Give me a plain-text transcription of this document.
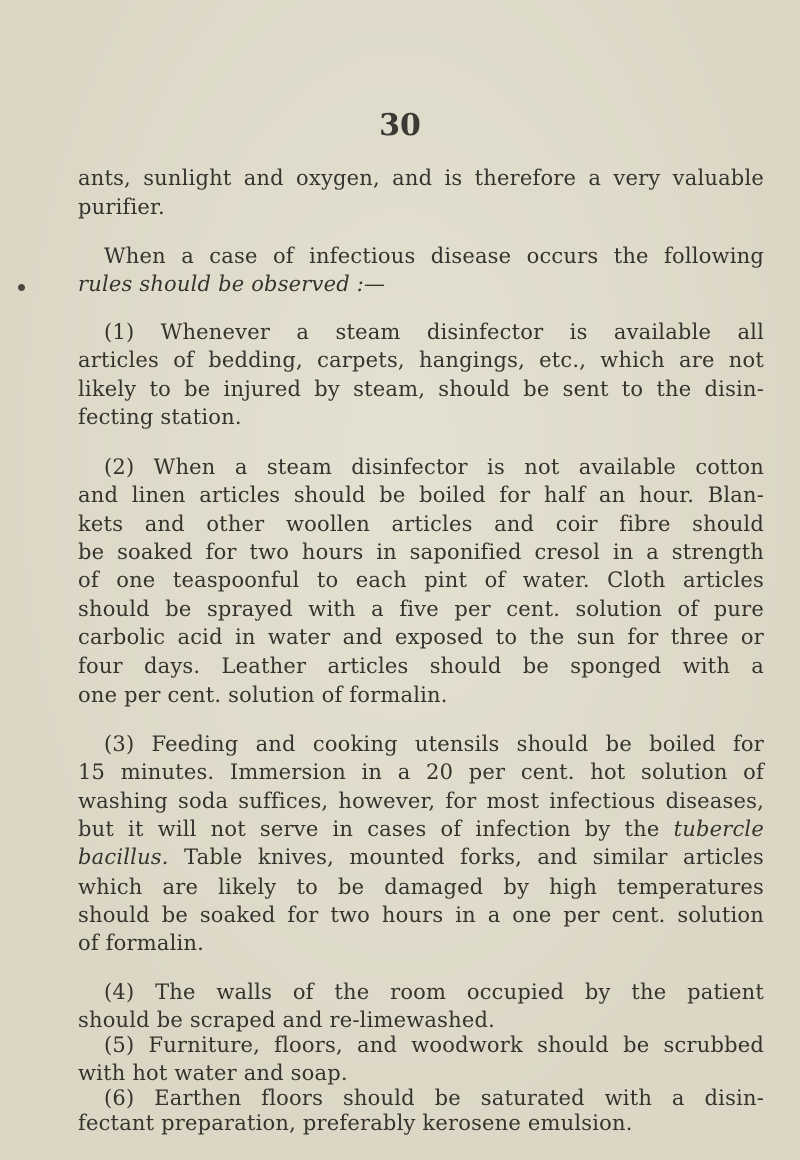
30
ants, sunlight and oxygen, and is therefore a very valuable
purifier.
When a case of infectious disease occurs the following
rules should be observed :—
(1) Whenever a steam disinfector is available all
articles of bedding, carpets, hangings, etc., which are not
likely to be injured by steam, should be sent to the disin-
fecting station.
(2) When a steam disinfector is not available cotton
and linen articles should be boiled for half an hour. Blan-
kets and other woollen articles and coir fibre should
be soaked for two hours in saponified cresol in a strength
of one teaspoonful to each pint of water. Cloth articles
should be sprayed with a five per cent. solution of pure
carbolic acid in water and exposed to the sun for three or
four days. Leather articles should be sponged with a
one per cent. solution of formalin.
(3) Feeding and cooking utensils should be boiled for
15 minutes. Immersion in a 20 per cent. hot solution of
washing soda suffices, however, for most infectious diseases,
but it will not serve in cases of infection by the tubercle
bacillus. Table knives, mounted forks, and similar articles
which are likely to be damaged by high temperatures
should be soaked for two hours in a one per cent. solution
of formalin.
(4) The walls of the room occupied by the patient
should be scraped and re-limewashed.
(5) Furniture, floors, and woodwork should be scrubbed
with hot water and soap.
(6) Earthen floors should be saturated with a disin-
fectant preparation, preferably kerosene emulsion.
